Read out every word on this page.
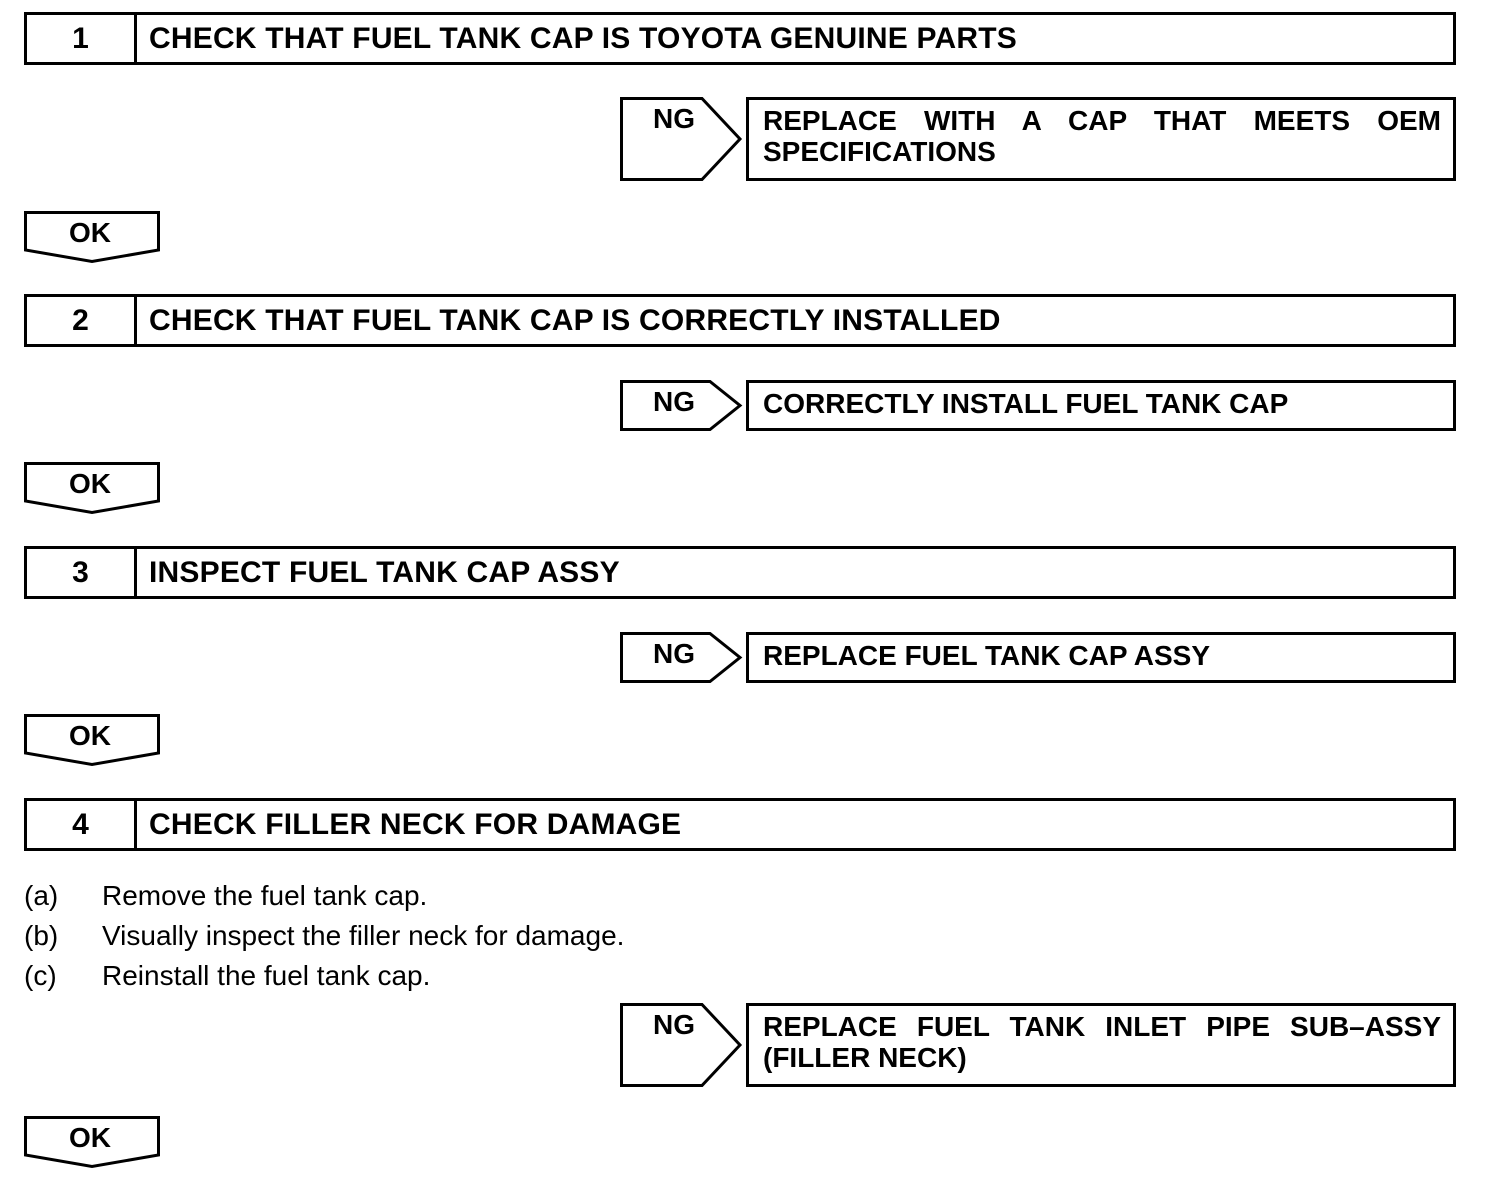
1	CHECK THAT FUEL TANK CAP IS TOYOTA GENUINE PARTS
NG	REPLACE WITH A CAP THAT MEETS OEM
SPECIFICATIONS
OK
2	CHECK THAT FUEL TANK CAP IS CORRECTLY INSTALLED
NG	CORRECTLY INSTALL FUEL TANK CAP
OK
3	INSPECT FUEL TANK CAP ASSY
NG	REPLACE FUEL TANK CAP ASSY
OK
4	CHECK FILLER NECK FOR DAMAGE
(a)	Remove the fuel tank cap.
(b)	Visually inspect the filler neck for damage.
(c)	Reinstall the fuel tank cap.
NG	REPLACE FUEL TANK INLET PIPE SUB–ASSY
(FILLER NECK)
OK
